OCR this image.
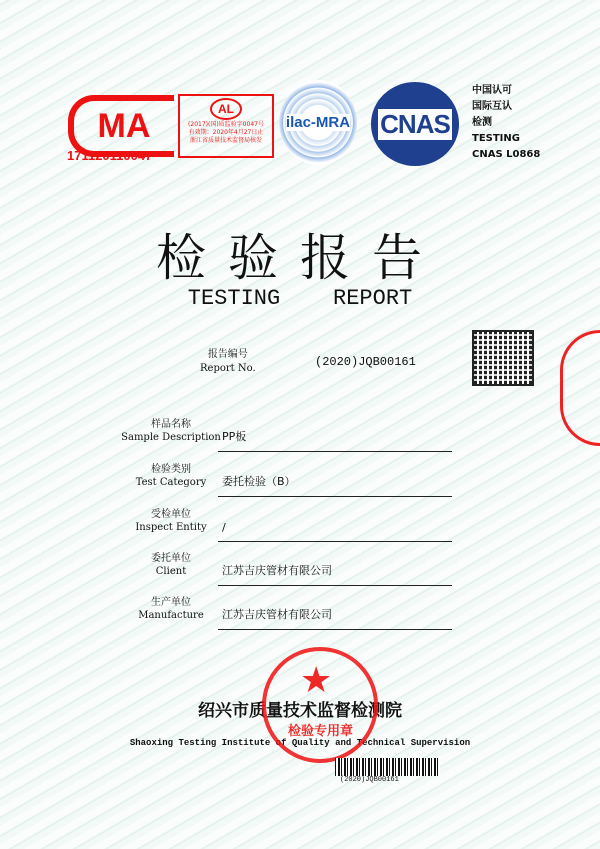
MA
171120110047
AL
(2017)(国)质监验字0047号
有效期：2020年4月27日止
浙江省质量技术监督局核发
ilac-MRA CNAS
中国认可
国际互认
检测
TESTING
CNAS L0868
检验报告
TESTING    REPORT
报告编号
Report No.	(2020)JQB00161
样品名称
Sample Description PP板
检验类别
Test Category	委托检验（B）
受检单位
Inspect Entity	/
委托单位
Client	江苏吉庆管材有限公司
生产单位
Manufacture	江苏吉庆管材有限公司
绍兴市质量技术监督检测院
Shaoxing Testing Institute of Quality and Technical Supervision
★
检验专用章
(2020)JQB00161
